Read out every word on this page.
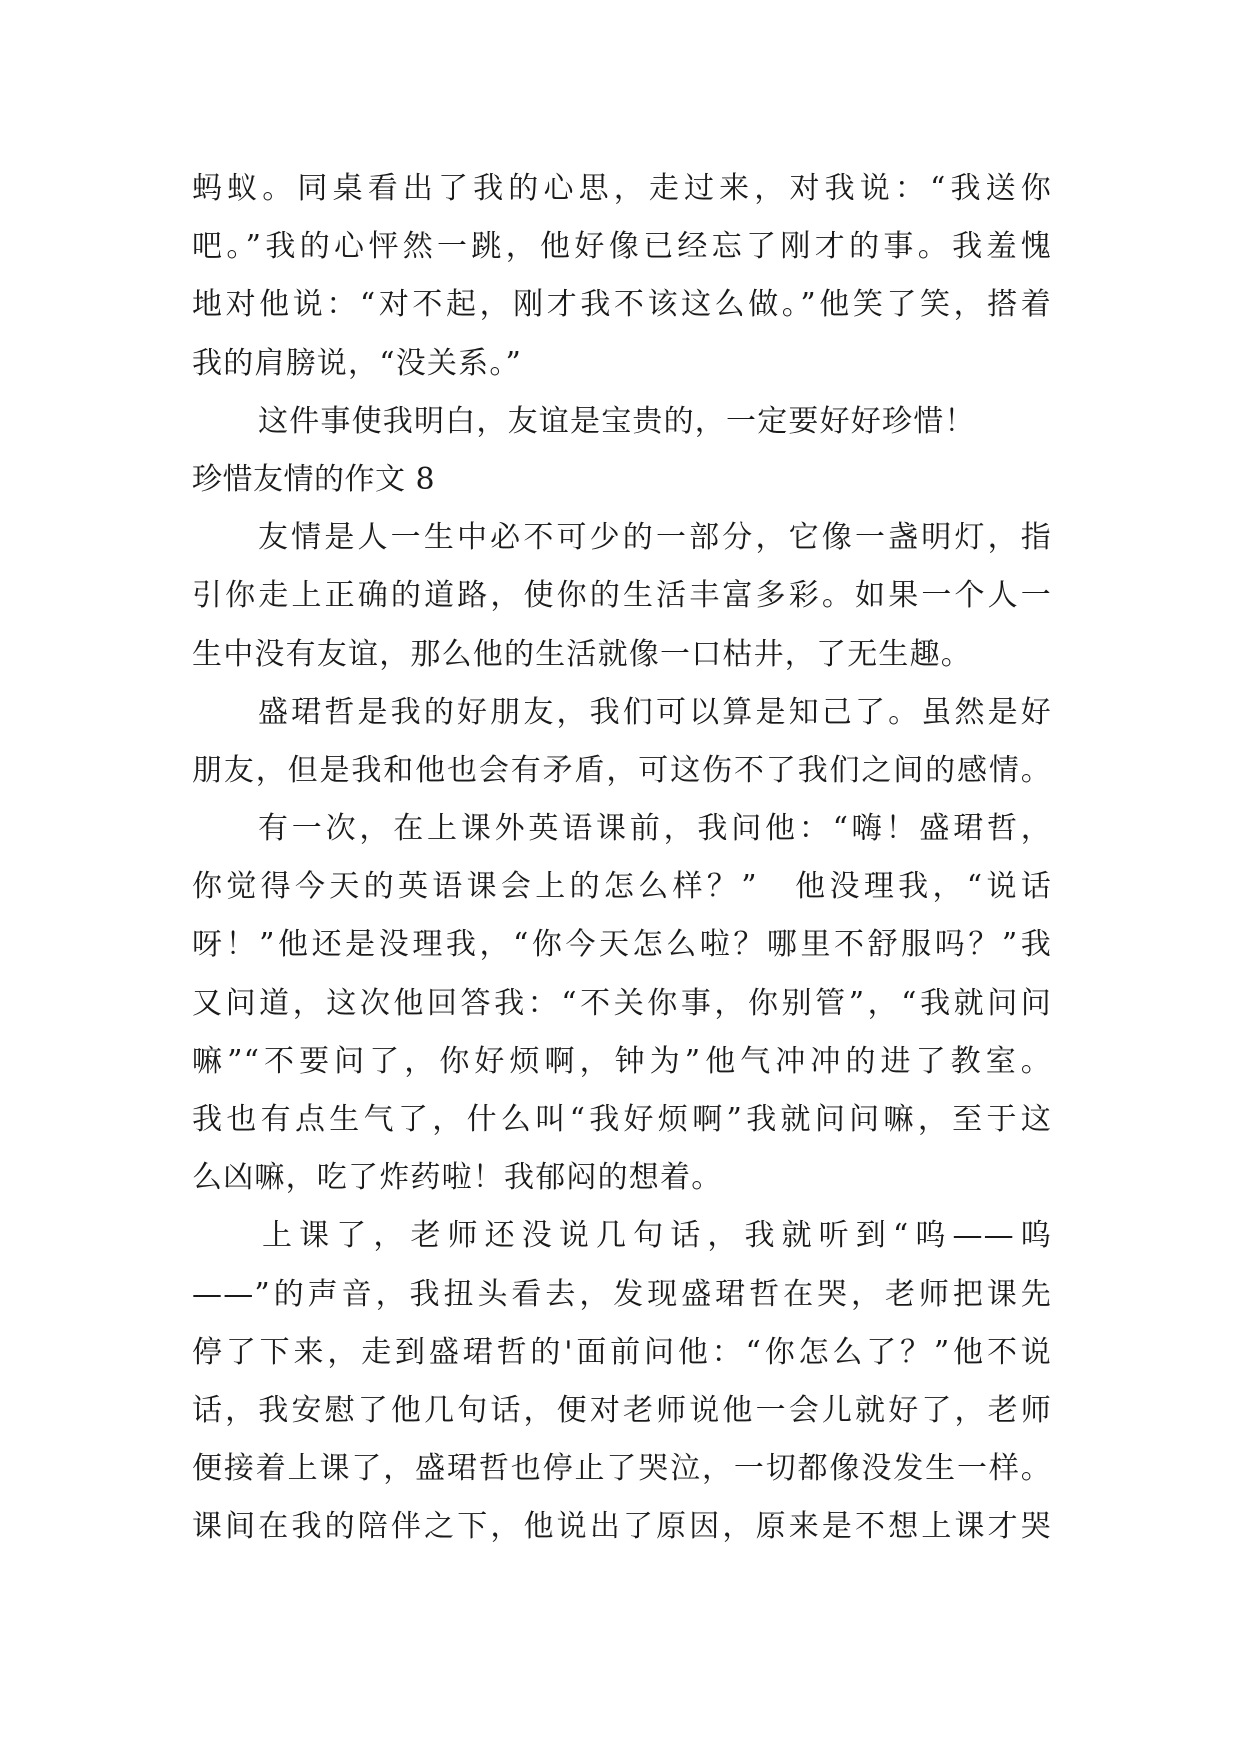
蚂蚁。同桌看出了我的心思，走过来，对我说：“我送你
吧。”我的心怦然一跳，他好像已经忘了刚才的事。我羞愧
地对他说：“对不起，刚才我不该这么做。”他笑了笑，搭着
我的肩膀说，“没关系。”
这件事使我明白，友谊是宝贵的，一定要好好珍惜！
珍惜友情的作文 8
友情是人一生中必不可少的一部分，它像一盏明灯，指
引你走上正确的道路，使你的生活丰富多彩。如果一个人一
生中没有友谊，那么他的生活就像一口枯井，了无生趣。
盛珺哲是我的好朋友，我们可以算是知己了。虽然是好
朋友，但是我和他也会有矛盾，可这伤不了我们之间的感情。
有一次，在上课外英语课前，我问他：“嗨！盛珺哲，
你觉得今天的英语课会上的怎么样？”　他没理我，“说话
呀！”他还是没理我，“你今天怎么啦？哪里不舒服吗？”我
又问道，这次他回答我：“不关你事，你别管”，“我就问问
嘛”“不要问了，你好烦啊，钟为”他气冲冲的进了教室。
我也有点生气了，什么叫“我好烦啊”我就问问嘛，至于这
么凶嘛，吃了炸药啦！我郁闷的想着。
上课了，老师还没说几句话，我就听到“呜——呜
——”的声音，我扭头看去，发现盛珺哲在哭，老师把课先
停了下来，走到盛珺哲的'面前问他：“你怎么了？”他不说
话，我安慰了他几句话，便对老师说他一会儿就好了，老师
便接着上课了，盛珺哲也停止了哭泣，一切都像没发生一样。
课间在我的陪伴之下，他说出了原因，原来是不想上课才哭
